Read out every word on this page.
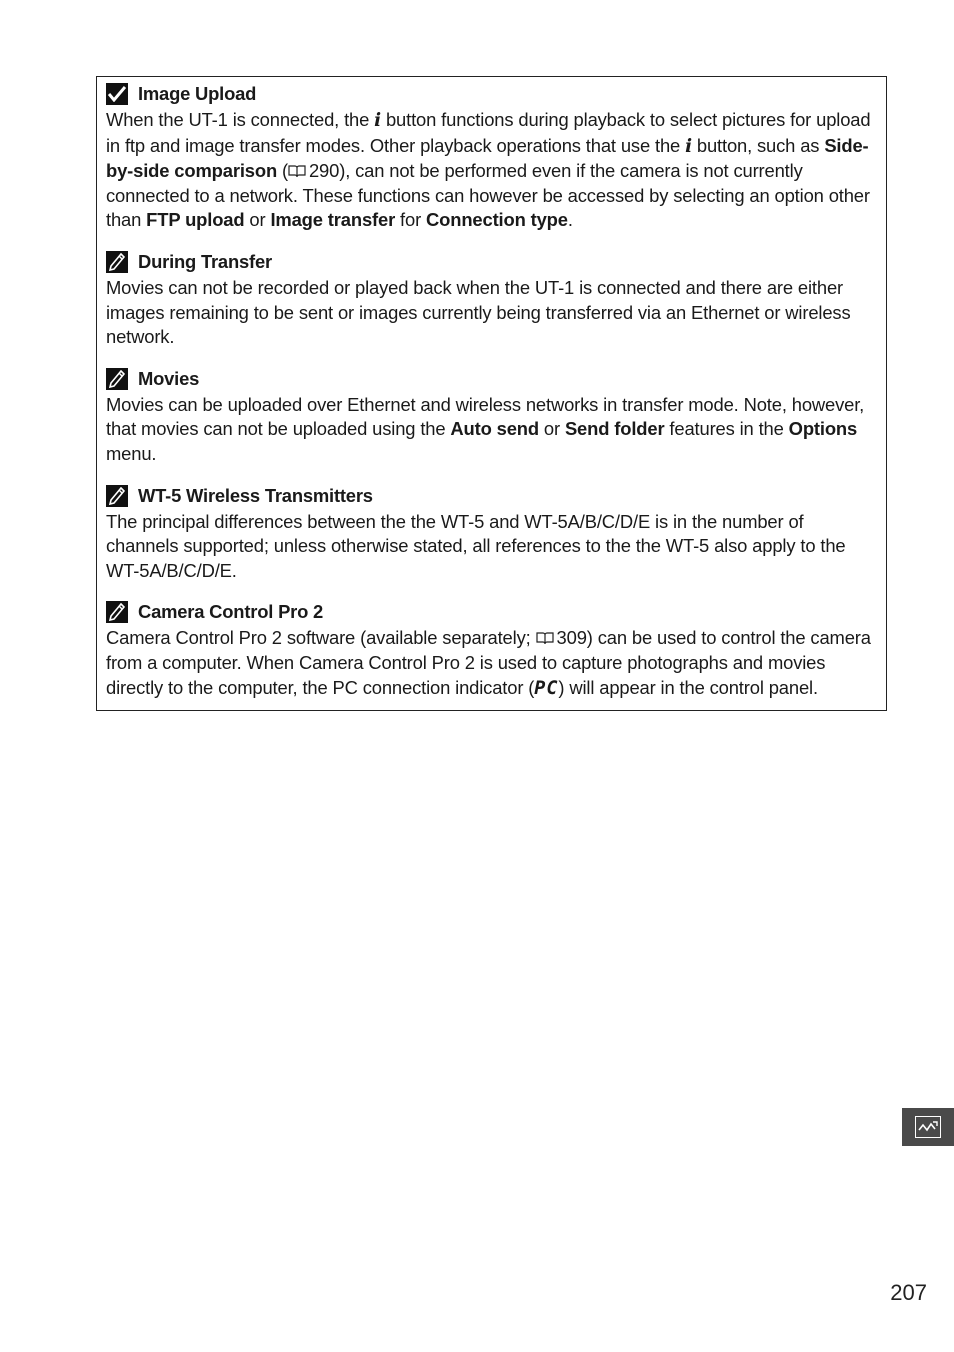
Image Upload
When the UT-1 is connected, the i button functions during playback to select pictures for upload in ftp and image transfer modes. Other playback operations that use the i button, such as Side-by-side comparison ( 290), can not be performed even if the camera is not currently connected to a network. These functions can however be accessed by selecting an option other than FTP upload or Image transfer for Connection type.
During Transfer
Movies can not be recorded or played back when the UT-1 is connected and there are either images remaining to be sent or images currently being transferred via an Ethernet or wireless network.
Movies
Movies can be uploaded over Ethernet and wireless networks in transfer mode. Note, however, that movies can not be uploaded using the Auto send or Send folder features in the Options menu.
WT-5 Wireless Transmitters
The principal differences between the the WT-5 and WT-5A/B/C/D/E is in the number of channels supported; unless otherwise stated, all references to the the WT-5 also apply to the WT-5A/B/C/D/E.
Camera Control Pro 2
Camera Control Pro 2 software (available separately; 309) can be used to control the camera from a computer. When Camera Control Pro 2 is used to capture photographs and movies directly to the computer, the PC connection indicator (PC) will appear in the control panel.
207
